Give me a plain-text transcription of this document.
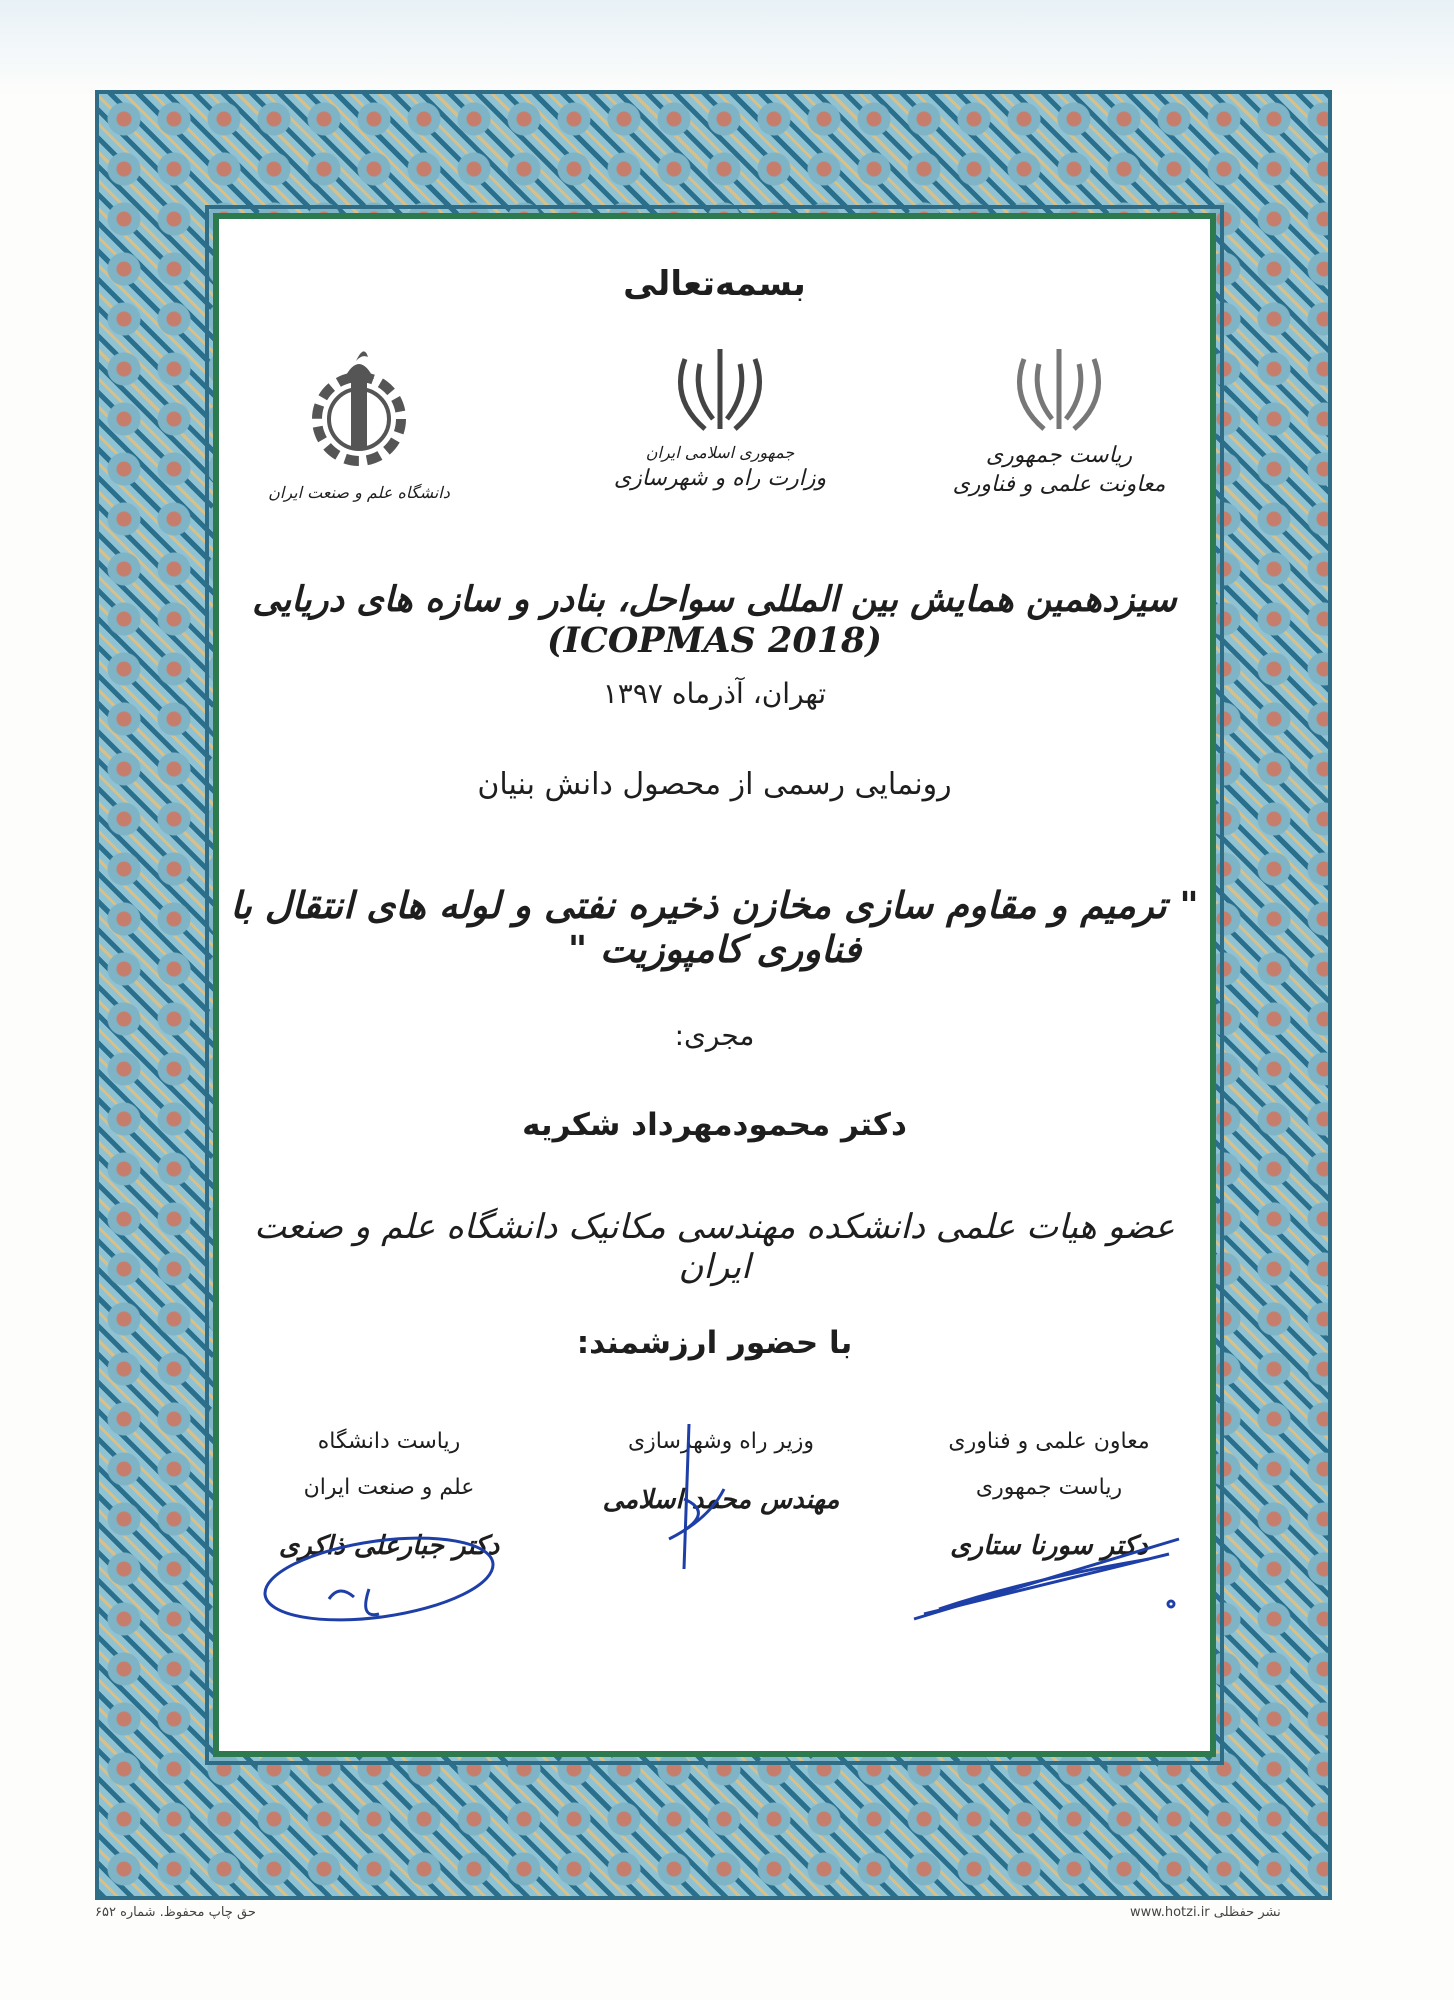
بسمه‌تعالی

دانشگاه علم و صنعت ایران
جمهوری اسلامی ایران
وزارت راه و شهرسازی
ریاست جمهوری
معاونت علمی و فناوری

سیزدهمین همایش بین المللی سواحل، بنادر و سازه های دریایی (ICOPMAS 2018)

تهران، آذرماه ۱۳۹۷

رونمایی رسمی از محصول دانش بنیان

" ترمیم و مقاوم سازی مخازن ذخیره نفتی و لوله های انتقال با فناوری کامپوزیت "

مجری:

دکتر محمودمهرداد شکریه

عضو هیات علمی دانشکده مهندسی مکانیک دانشگاه علم و صنعت ایران

با حضور ارزشمند:

معاون علمی و فناوری
ریاست جمهوری
دکتر سورنا ستاری
وزیر راه وشهرسازی
مهندس محمد اسلامی
ریاست دانشگاه
علم و صنعت ایران
دکتر جبارعلی ذاکری
www.hotzi.ir نشر حفظلی
حق چاپ محفوظ. شماره ۶۵۲
